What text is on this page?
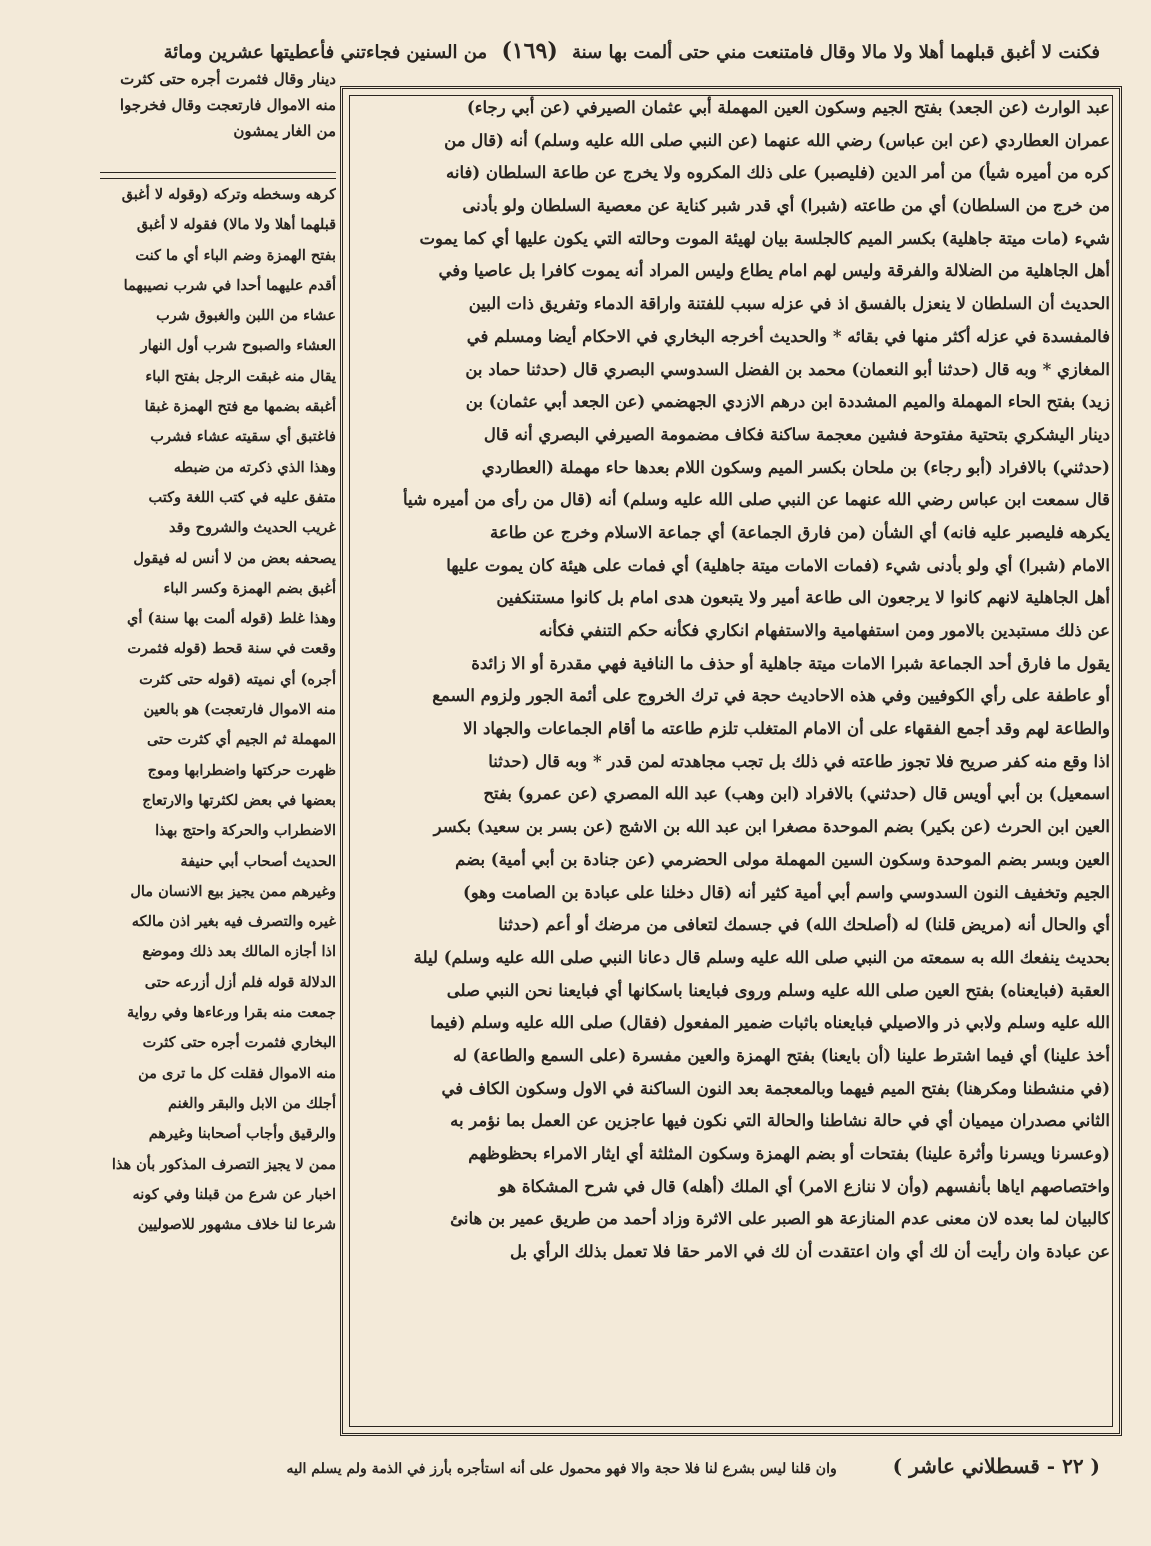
فكنت لا أغبق قبلهما أهلا ولا مالا وقال فامتنعت مني حتى ألمت بها سنة (١٦٩) من السنين فجاءتني فأعطيتها عشرين ومائة
دينار وقال فثمرت أجره حتى كثرت
منه الاموال فارتعجت وقال فخرجوا
من الغار يمشون
كرهه وسخطه وتركه (وقوله لا أغبق
قبلهما أهلا ولا مالا) فقوله لا أغبق
بفتح الهمزة وضم الباء أي ما كنت
أقدم عليهما أحدا في شرب نصيبهما
عشاء من اللبن والغبوق شرب
العشاء والصبوح شرب أول النهار
يقال منه غبقت الرجل بفتح الباء
أغبقه بضمها مع فتح الهمزة غبقا
فاغتبق أي سقيته عشاء فشرب
وهذا الذي ذكرته من ضبطه
متفق عليه في كتب اللغة وكتب
غريب الحديث والشروح وقد
يصحفه بعض من لا أنس له فيقول
أغبق بضم الهمزة وكسر الباء
وهذا غلط (قوله ألمت بها سنة) أي
وقعت في سنة قحط (قوله فثمرت
أجره) أي نميته (قوله حتى كثرت
منه الاموال فارتعجت) هو بالعين
المهملة ثم الجيم أي كثرت حتى
ظهرت حركتها واضطرابها وموج
بعضها في بعض لكثرتها والارتعاج
الاضطراب والحركة واحتج بهذا
الحديث أصحاب أبي حنيفة
وغيرهم ممن يجيز بيع الانسان مال
غيره والتصرف فيه بغير اذن مالكه
اذا أجازه المالك بعد ذلك وموضع
الدلالة قوله فلم أزل أزرعه حتى
جمعت منه بقرا ورعاءها وفي رواية
البخاري فثمرت أجره حتى كثرت
منه الاموال فقلت كل ما ترى من
أجلك من الابل والبقر والغنم
والرقيق وأجاب أصحابنا وغيرهم
ممن لا يجيز التصرف المذكور بأن هذا
اخبار عن شرع من قبلنا وفي كونه
شرعا لنا خلاف مشهور للاصوليين
عبد الوارث (عن الجعد) بفتح الجيم وسكون العين المهملة أبي عثمان الصيرفي (عن أبي رجاء)
عمران العطاردي (عن ابن عباس) رضي الله عنهما (عن النبي صلى الله عليه وسلم) أنه (قال من
كره من أميره شيأ) من أمر الدين (فليصبر) على ذلك المكروه ولا يخرج عن طاعة السلطان (فانه
من خرج من السلطان) أي من طاعته (شبرا) أي قدر شبر كناية عن معصية السلطان ولو بأدنى
شيء (مات ميتة جاهلية) بكسر الميم كالجلسة بيان لهيئة الموت وحالته التي يكون عليها أي كما يموت
أهل الجاهلية من الضلالة والفرقة وليس لهم امام يطاع وليس المراد أنه يموت كافرا بل عاصيا وفي
الحديث أن السلطان لا ينعزل بالفسق اذ في عزله سبب للفتنة واراقة الدماء وتفريق ذات البين
فالمفسدة في عزله أكثر منها في بقائه * والحديث أخرجه البخاري في الاحكام أيضا ومسلم في
المغازي * وبه قال (حدثنا أبو النعمان) محمد بن الفضل السدوسي البصري قال (حدثنا حماد بن
زيد) بفتح الحاء المهملة والميم المشددة ابن درهم الازدي الجهضمي (عن الجعد أبي عثمان) بن
دينار اليشكري بتحتية مفتوحة فشين معجمة ساكنة فكاف مضمومة الصيرفي البصري أنه قال
(حدثني) بالافراد (أبو رجاء) بن ملحان بكسر الميم وسكون اللام بعدها حاء مهملة (العطاردي
قال سمعت ابن عباس رضي الله عنهما عن النبي صلى الله عليه وسلم) أنه (قال من رأى من أميره شيأ
يكرهه فليصبر عليه فانه) أي الشأن (من فارق الجماعة) أي جماعة الاسلام وخرج عن طاعة
الامام (شبرا) أي ولو بأدنى شيء (فمات الامات ميتة جاهلية) أي فمات على هيئة كان يموت عليها
أهل الجاهلية لانهم كانوا لا يرجعون الى طاعة أمير ولا يتبعون هدى امام بل كانوا مستنكفين
عن ذلك مستبدين بالامور ومن استفهامية والاستفهام انكاري فكأنه حكم التنفي فكأنه
يقول ما فارق أحد الجماعة شبرا الامات ميتة جاهلية أو حذف ما النافية فهي مقدرة أو الا زائدة
أو عاطفة على رأي الكوفيين وفي هذه الاحاديث حجة في ترك الخروج على أئمة الجور ولزوم السمع
والطاعة لهم وقد أجمع الفقهاء على أن الامام المتغلب تلزم طاعته ما أقام الجماعات والجهاد الا
اذا وقع منه كفر صريح فلا تجوز طاعته في ذلك بل تجب مجاهدته لمن قدر * وبه قال (حدثنا
اسمعيل) بن أبي أويس قال (حدثني) بالافراد (ابن وهب) عبد الله المصري (عن عمرو) بفتح
العين ابن الحرث (عن بكير) بضم الموحدة مصغرا ابن عبد الله بن الاشج (عن بسر بن سعيد) بكسر
العين وبسر بضم الموحدة وسكون السين المهملة مولى الحضرمي (عن جنادة بن أبي أمية) بضم
الجيم وتخفيف النون السدوسي واسم أبي أمية كثير أنه (قال دخلنا على عبادة بن الصامت وهو)
أي والحال أنه (مريض قلنا) له (أصلحك الله) في جسمك لتعافى من مرضك أو أعم (حدثنا
بحديث ينفعك الله به سمعته من النبي صلى الله عليه وسلم قال دعانا النبي صلى الله عليه وسلم) ليلة
العقبة (فبايعناه) بفتح العين صلى الله عليه وسلم وروى فبايعنا باسكانها أي فبايعنا نحن النبي صلى
الله عليه وسلم ولابي ذر والاصيلي فبايعناه باثبات ضمير المفعول (فقال) صلى الله عليه وسلم (فيما
أخذ علينا) أي فيما اشترط علينا (أن بايعنا) بفتح الهمزة والعين مفسرة (على السمع والطاعة) له
(في منشطنا ومكرهنا) بفتح الميم فيهما وبالمعجمة بعد النون الساكنة في الاول وسكون الكاف في
الثاني مصدران ميميان أي في حالة نشاطنا والحالة التي نكون فيها عاجزين عن العمل بما نؤمر به
(وعسرنا ويسرنا وأثرة علينا) بفتحات أو بضم الهمزة وسكون المثلثة أي ايثار الامراء بحظوظهم
واختصاصهم اياها بأنفسهم (وأن لا ننازع الامر) أي الملك (أهله) قال في شرح المشكاة هو
كالبيان لما بعده لان معنى عدم المنازعة هو الصبر على الاثرة وزاد أحمد من طريق عمير بن هانئ
عن عبادة وان رأيت أن لك أي وان اعتقدت أن لك في الامر حقا فلا تعمل بذلك الرأي بل
( ٢٢ - قسطلاني عاشر ) وان قلنا ليس بشرع لنا فلا حجة والا فهو محمول على أنه استأجره بأرز في الذمة ولم يسلم اليه
